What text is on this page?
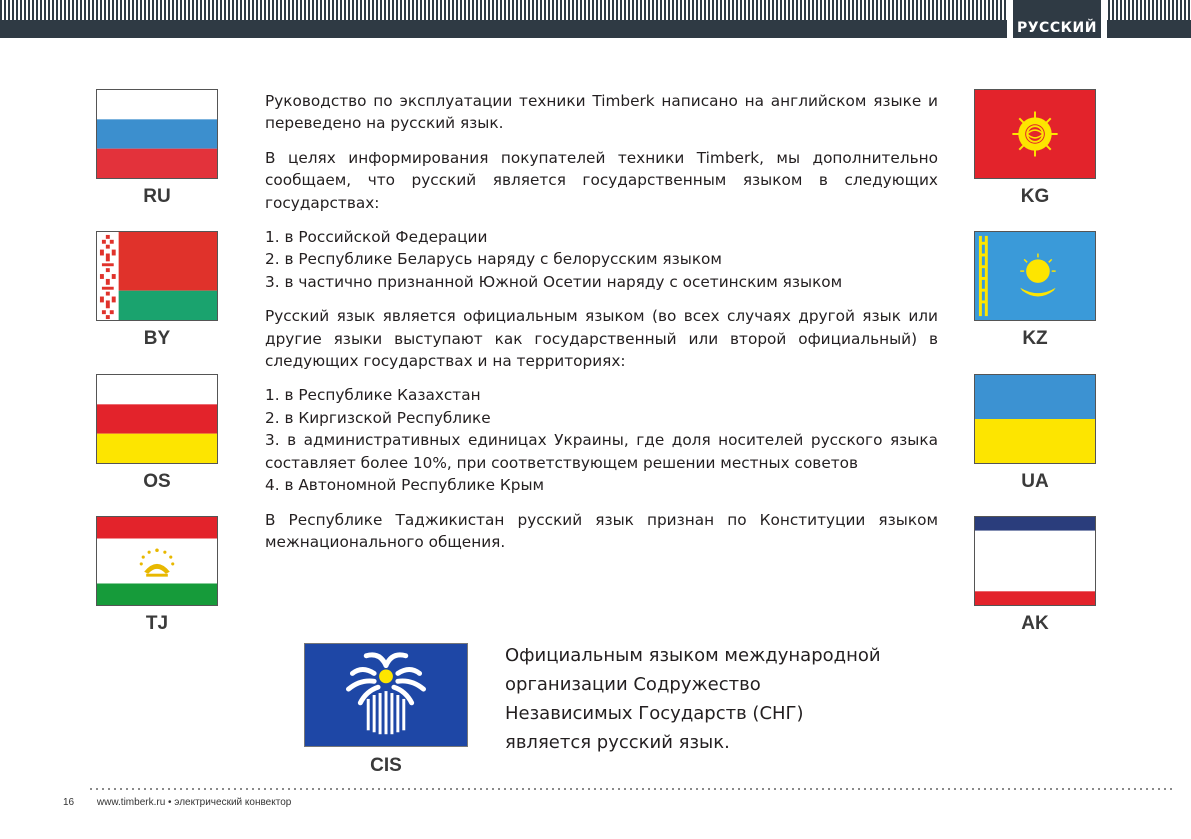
РУССКИЙ
RU
BY
OS
TJ
KG
KZ
UA
AK
CIS

Руководство по эксплуатации техники Timberk написано на английском языке и переведено на русский язык.

В целях информирования покупателей техники Timberk, мы дополнительно сообщаем, что русский является государственным языком в следующих государствах:

1. в Российской Федерации
2. в Республике Беларусь наряду с белорусским языком
3. в частично признанной Южной Осетии наряду с осетинским языком

Русский язык является официальным языком (во всех случаях другой язык или другие языки выступают как государственный или второй официальный) в следующих государствах и на территориях:

1. в Республике Казахстан
2. в Киргизской Республике
3. в административных единицах Украины, где доля носителей русского языка составляет более 10%, при соответствующем решении местных советов
4. в Автономной Республике Крым

В Республике Таджикистан русский язык признан по Конституции языком межнационального общения.

Официальным языком международной
организации Содружество
Независимых Государств (СНГ)
является русский язык.
16 www.timberk.ru • электрический конвектор
